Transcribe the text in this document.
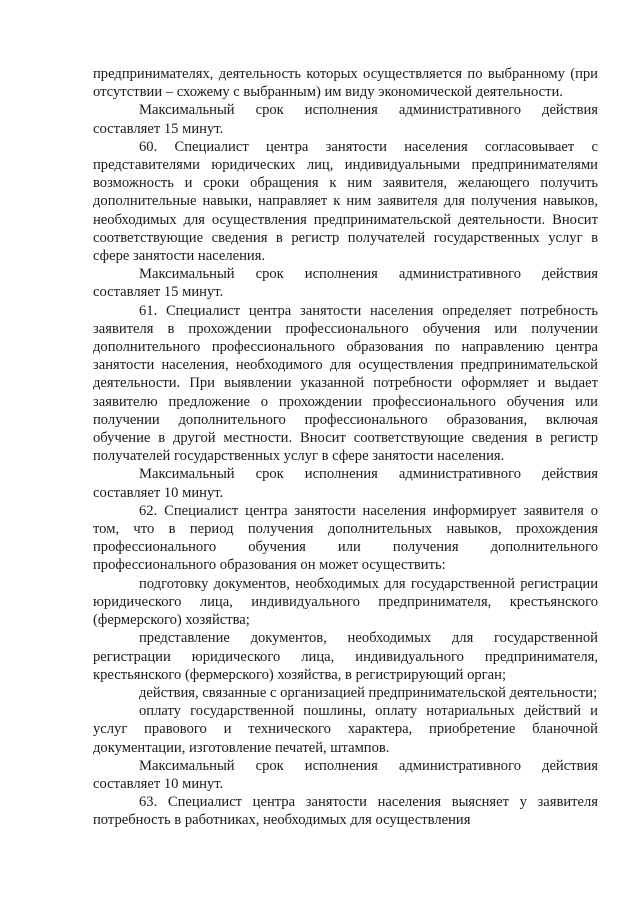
предпринимателях, деятельность которых осуществляется по выбранному (при отсутствии – схожему с выбранным) им виду экономической деятельности.

Максимальный срок исполнения административного действия составляет 15 минут.

60. Специалист центра занятости населения согласовывает с представителями юридических лиц, индивидуальными предпринимателями возможность и сроки обращения к ним заявителя, желающего получить дополнительные навыки, направляет к ним заявителя для получения навыков, необходимых для осуществления предпринимательской деятельности. Вносит соответствующие сведения в регистр получателей государственных услуг в сфере занятости населения.

Максимальный срок исполнения административного действия составляет 15 минут.

61. Специалист центра занятости населения определяет потребность заявителя в прохождении профессионального обучения или получении дополнительного профессионального образования по направлению центра занятости населения, необходимого для осуществления предпринимательской деятельности. При выявлении указанной потребности оформляет и выдает заявителю предложение о прохождении профессионального обучения или получении дополнительного профессионального образования, включая обучение в другой местности. Вносит соответствующие сведения в регистр получателей государственных услуг в сфере занятости населения.

Максимальный срок исполнения административного действия составляет 10 минут.

62. Специалист центра занятости населения информирует заявителя о том, что в период получения дополнительных навыков, прохождения профессионального обучения или получения дополнительного профессионального образования он может осуществить:

подготовку документов, необходимых для государственной регистрации юридического лица, индивидуального предпринимателя, крестьянского (фермерского) хозяйства;

представление документов, необходимых для государственной регистрации юридического лица, индивидуального предпринимателя, крестьянского (фермерского) хозяйства, в регистрирующий орган;

действия, связанные с организацией предпринимательской деятельности;

оплату государственной пошлины, оплату нотариальных действий и услуг правового и технического характера, приобретение бланочной документации, изготовление печатей, штампов.

Максимальный срок исполнения административного действия составляет 10 минут.

63. Специалист центра занятости населения выясняет у заявителя потребность в работниках, необходимых для осуществления
